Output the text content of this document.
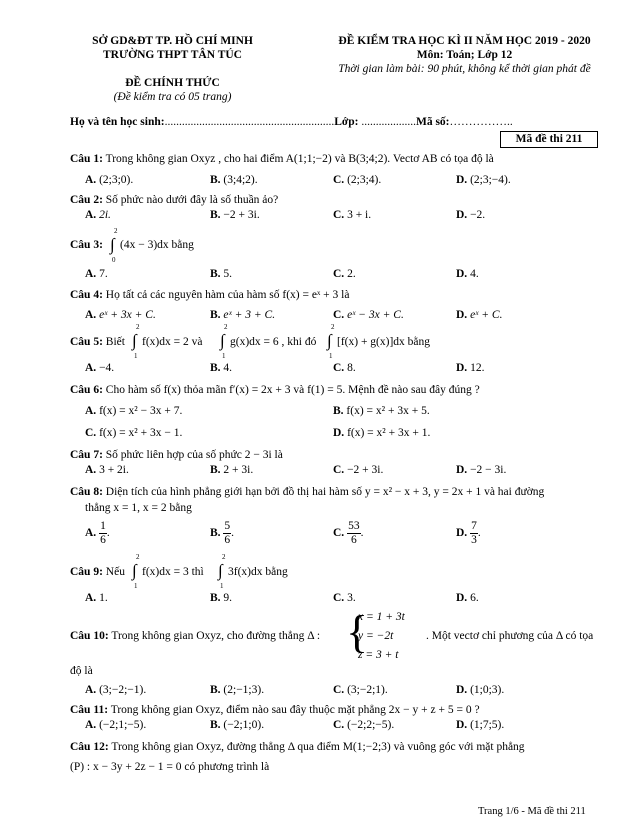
SỞ GD&ĐT TP. HỒ CHÍ MINH
TRƯỜNG THPT TÂN TÚC
ĐỀ CHÍNH THỨC
(Đề kiểm tra có 05 trang)
ĐỀ KIỂM TRA HỌC KÌ II NĂM HỌC 2019 - 2020
Môn: Toán; Lớp 12
Thời gian làm bài: 90 phút, không kể thời gian phát đề
Họ và tên học sinh:...........................................................Lớp: ...................Mã số:……………..
Mã đề thi 211
Câu 1: Trong không gian Oxyz , cho hai điểm A(1;1;−2) và B(3;4;2). Vectơ AB có tọa độ là
A. (2;3;0).	B. (3;4;2).	C. (2;3;4).	D. (2;3;−4).
Câu 2: Số phức nào dưới đây là số thuần ảo?
A. 2i.	B. −2 + 3i.	C. 3 + i.	D. −2.
Câu 3:
2
∫
0
(4x − 3)dx bằng
A. 7.	B. 5.	C. 2.	D. 4.
Câu 4: Họ tất cả các nguyên hàm của hàm số f(x) = eˣ + 3 là
A. eˣ + 3x + C.	B. eˣ + 3 + C.	C. eˣ − 3x + C.	D. eˣ + C.
Câu 5: Biết
2
∫
1
f(x)dx = 2 và
2
∫
1
g(x)dx = 6 , khi đó
2
∫
1
[f(x) + g(x)]dx bằng
A. −4.	B. 4.	C. 8.	D. 12.
Câu 6: Cho hàm số f(x) thỏa mãn f′(x) = 2x + 3 và f(1) = 5. Mệnh đề nào sau đây đúng ?
A. f(x) = x² − 3x + 7.	B. f(x) = x² + 3x + 5.
C. f(x) = x² + 3x − 1.	D. f(x) = x² + 3x + 1.
Câu 7: Số phức liên hợp của số phức 2 − 3i là
A. 3 + 2i.	B. 2 + 3i.	C. −2 + 3i.	D. −2 − 3i.
Câu 8: Diện tích của hình phẳng giới hạn bởi đồ thị hai hàm số y = x² − x + 3, y = 2x + 1 và hai đường
thẳng x = 1, x = 2 bằng
A. $\frac{1}{6}$ .	B. $\frac{5}{6}$ .	C. $\frac{53}{6}$ .	D. $\frac{7}{3}$ .
Câu 9: Nếu
2
∫
1
f(x)dx = 3 thì
2
∫
1
3f(x)dx bằng
A. 1.	B. 9.	C. 3.	D. 6.
Câu 10: Trong không gian Oxyz, cho đường thẳng Δ : {
x = 1 + 3t
y = −2t
z = 3 + t
. Một vectơ chỉ phương của Δ có tọa
độ là
A. (3;−2;−1).	B. (2;−1;3).	C. (3;−2;1).	D. (1;0;3).
Câu 11: Trong không gian Oxyz, điểm nào sau đây thuộc mặt phẳng 2x − y + z + 5 = 0 ?
A. (−2;1;−5).	B. (−2;1;0).	C. (−2;2;−5).	D. (1;7;5).
Câu 12: Trong không gian Oxyz, đường thẳng Δ qua điểm M(1;−2;3) và vuông góc với mặt phẳng
(P) : x − 3y + 2z − 1 = 0 có phương trình là
Trang 1/6 - Mã đề thi 211
